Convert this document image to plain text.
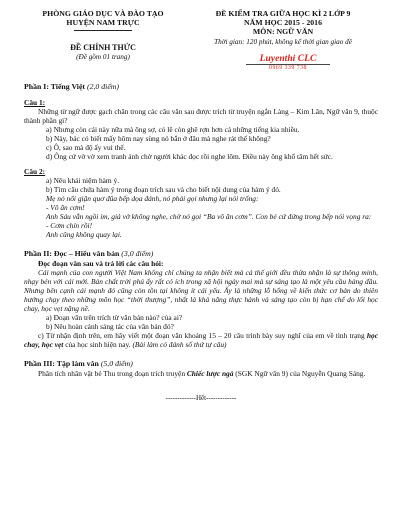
PHÒNG GIÁO DỤC VÀ ĐÀO TẠO
HUYỆN NAM TRỰC
ĐỀ CHÍNH THỨC
(Đề gồm 01 trang)
ĐỀ KIỂM TRA GIỮA HỌC KÌ 2 LỚP 9
NĂM HỌC 2015 - 2016
MÔN: NGỮ VĂN
Thời gian: 120 phút, không kể thời gian giao đề
Luyenthi CLC
0969 339 738

Phần I: Tiếng Việt (2,0 điểm)

Câu 1:

Những từ ngữ được gạch chân trong các câu văn sau được trích từ truyện ngắn Làng – Kim Lân, Ngữ văn 9, thuộc thành phần gì?

a) Nhưng còn cái này nữa mà ông sợ, có lẽ còn ghê rợn hơn cả những tiếng kia nhiều.

b) Này, bác có biết mấy hôm nay sùng nó bắn ở đâu mà nghe rát thế không?

c) Ô, sao mà độ ấy vui thế.

d) Ông cứ vờ vờ xem tranh ảnh chờ người khác đọc rồi nghe lõm. Điều này ông khổ tâm hết sức.

Câu 2:

a) Nêu khái niệm hàm ý.

b) Tìm câu chứa hàm ý trong đoạn trích sau và cho biết nội dung của hàm ý đó.

Mẹ nó nổi giận quơ đũa bếp dọa đánh, nó phải gọi nhưng lại nói trổng:

- Vô ăn cơm!

Anh Sáu vẫn ngồi im, giả vờ không nghe, chờ nó gọi “Ba vô ăn cơm”. Con bé cứ đứng trong bếp nói vọng ra:

- Cơm chín rồi!

Anh cũng không quay lại.

Phần II: Đọc – Hiểu văn bản (3,0 điểm)

Đọc đoạn văn sau và trả lời các câu hỏi:

Cái mạnh của con người Việt Nam không chỉ chúng ta nhận biết mà cả thế giới đều thừa nhận là sự thông minh, nhạy bén với cái mới. Bản chất trời phú ấy rất có ích trong xã hội ngày mai mà sự sáng tạo là một yêu cầu hàng đầu. Nhưng bên cạnh cái mạnh đó cũng còn tồn tại không ít cái yếu. Ấy là những lỗ hổng về kiến thức cơ bản do thiên hướng chạy theo những môn học “thời thượng”, nhất là khả năng thực hành và sáng tạo còn bị hạn chế do lối học chay, học vẹt nặng nề.

a) Đoạn văn trên trích từ văn bản nào? của ai?

b) Nêu hoàn cảnh sáng tác của văn bản đó?

c) Từ nhận định trên, em hãy viết một đoạn văn khoảng 15 – 20 câu trình bày suy nghĩ của em về tình trạng học chay, học vẹt của học sinh hiện nay. (Bài làm có đánh số thứ tự câu)

Phần III: Tập làm văn (5,0 điểm)

Phân tích nhân vật bé Thu trong đoạn trích truyện Chiếc lược ngà (SGK Ngữ văn 9) của Nguyễn Quang Sáng.

-------------Hết-------------
